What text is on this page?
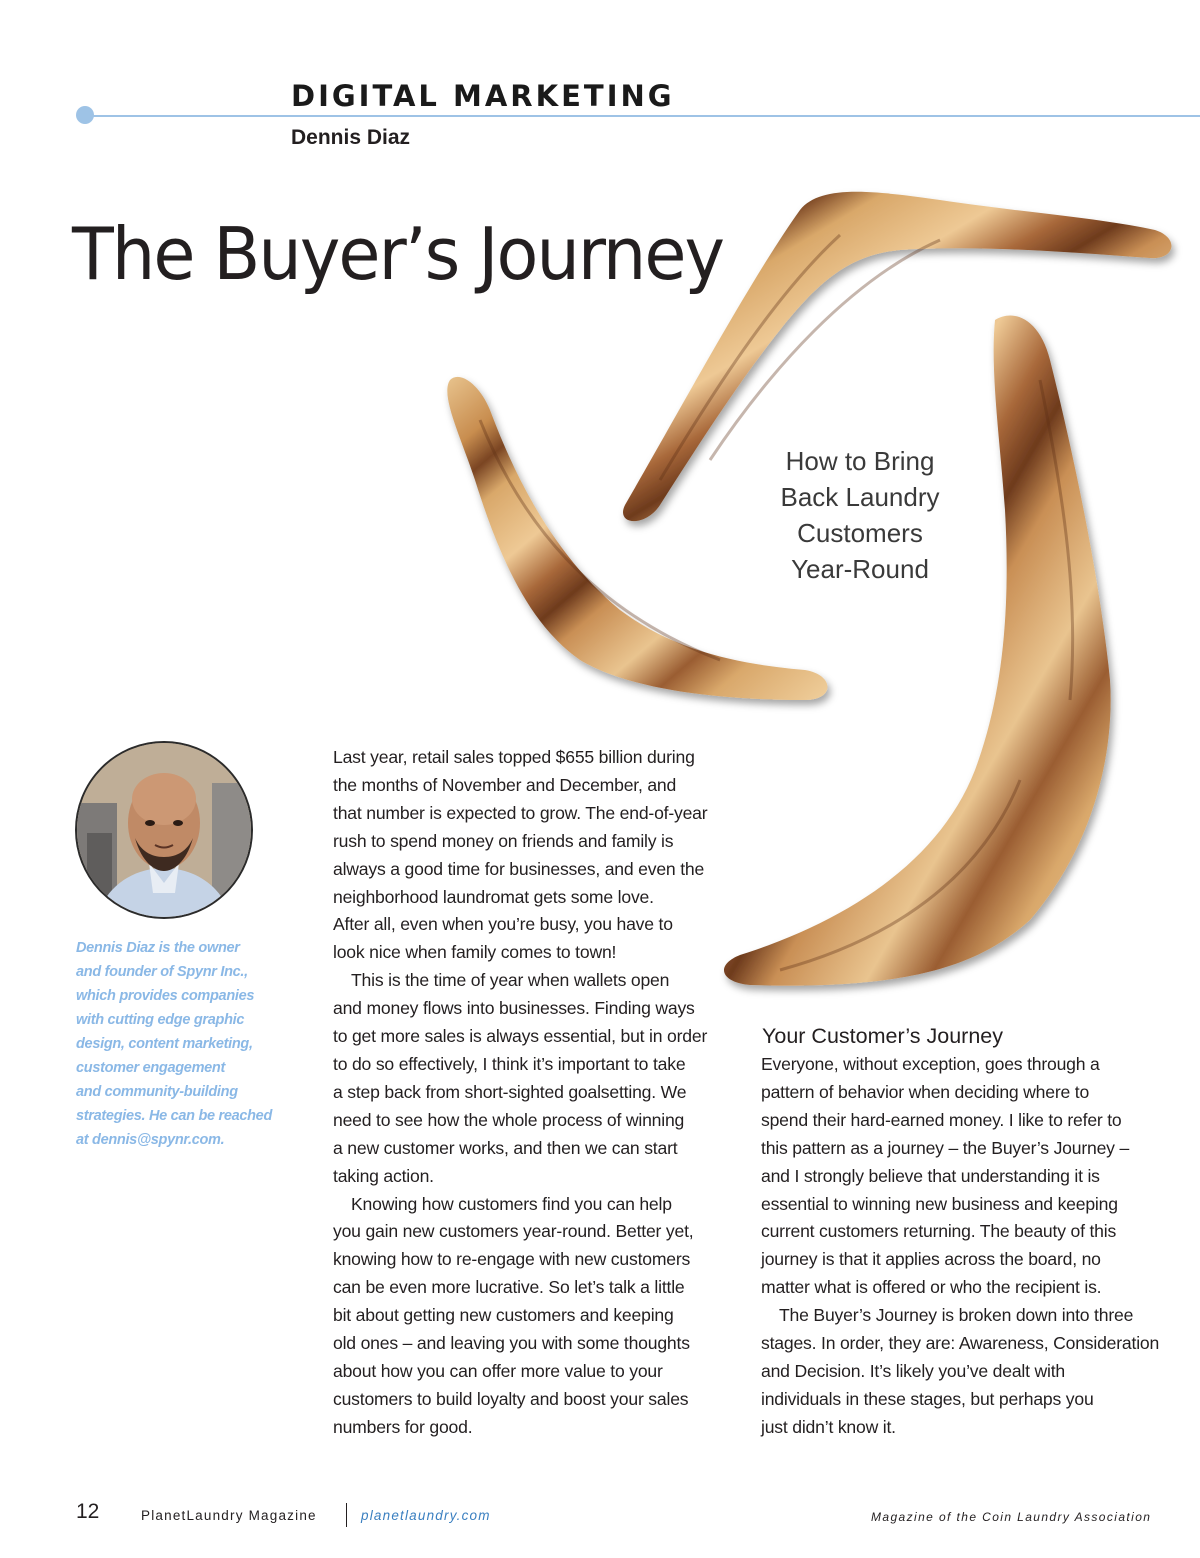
DIGITAL MARKETING
Dennis Diaz
The Buyer’s Journey
How to Bring
Back Laundry
Customers
Year-Round
Dennis Diaz is the owner
and founder of Spynr Inc.,
which provides companies
with cutting edge graphic
design, content marketing,
customer engagement
and community-building
strategies. He can be reached
at dennis@spynr.com.
Last year, retail sales topped $655 billion during
the months of November and December, and
that number is expected to grow. The end-of-year
rush to spend money on friends and family is
always a good time for businesses, and even the
neighborhood laundromat gets some love.
After all, even when you’re busy, you have to
look nice when family comes to town!
This is the time of year when wallets open
and money flows into businesses. Finding ways
to get more sales is always essential, but in order
to do so effectively, I think it’s important to take
a step back from short-sighted goalsetting. We
need to see how the whole process of winning
a new customer works, and then we can start
taking action.
Knowing how customers find you can help
you gain new customers year-round. Better yet,
knowing how to re-engage with new customers
can be even more lucrative. So let’s talk a little
bit about getting new customers and keeping
old ones – and leaving you with some thoughts
about how you can offer more value to your
customers to build loyalty and boost your sales
numbers for good.
Your Customer’s Journey
Everyone, without exception, goes through a
pattern of behavior when deciding where to
spend their hard-earned money. I like to refer to
this pattern as a journey – the Buyer’s Journey –
and I strongly believe that understanding it is
essential to winning new business and keeping
current customers returning. The beauty of this
journey is that it applies across the board, no
matter what is offered or who the recipient is.
The Buyer’s Journey is broken down into three
stages. In order, they are: Awareness, Consideration
and Decision. It’s likely you’ve dealt with
individuals in these stages, but perhaps you
just didn’t know it.
12	PlanetLaundry Magazine	planetlaundry.com	Magazine of the Coin Laundry Association
